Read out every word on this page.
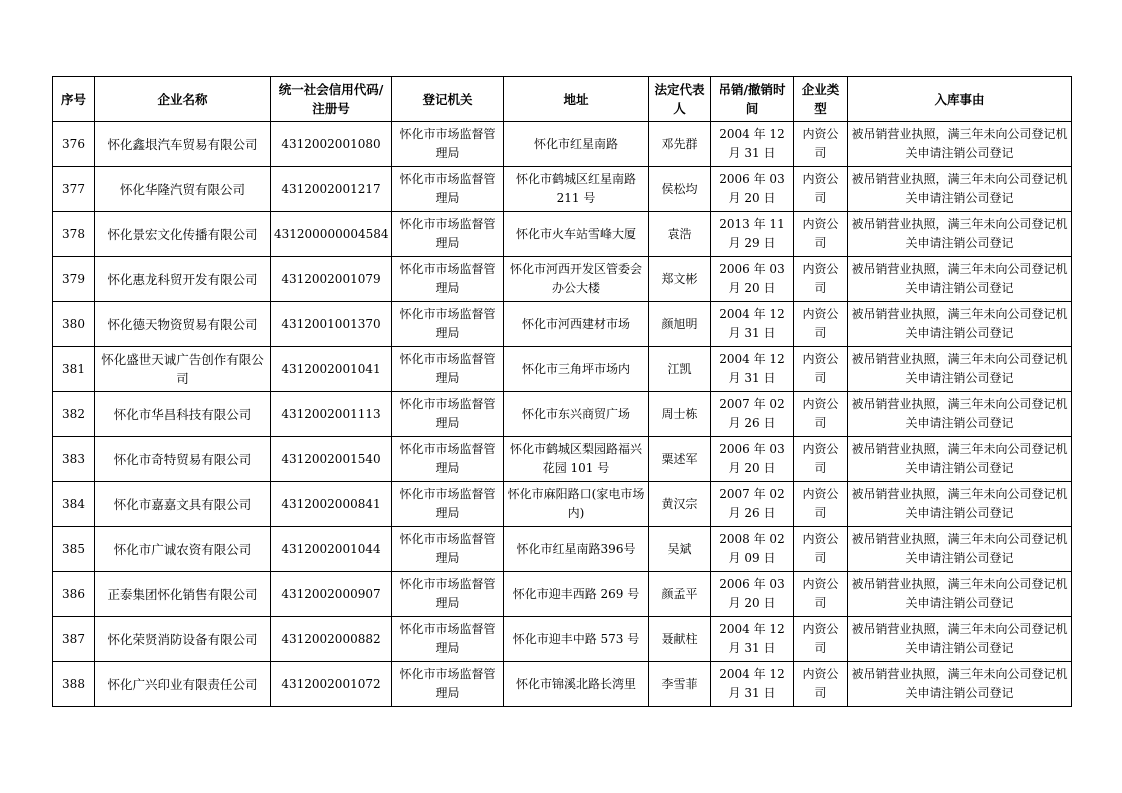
序号	企业名称	统一社会信用代码/注册号	登记机关	地址	法定代表人	吊销/撤销时间	企业类型	入库事由
376	怀化鑫垠汽车贸易有限公司	4312002001080	怀化市市场监督管理局	怀化市红星南路	邓先群	2004 年 12 月 31 日	内资公司	被吊销营业执照，满三年未向公司登记机关申请注销公司登记
377	怀化华隆汽贸有限公司	4312002001217	怀化市市场监督管理局	怀化市鹤城区红星南路 211 号	侯松均	2006 年 03 月 20 日	内资公司	被吊销营业执照，满三年未向公司登记机关申请注销公司登记
378	怀化景宏文化传播有限公司	431200000004584	怀化市市场监督管理局	怀化市火车站雪峰大厦	袁浩	2013 年 11 月 29 日	内资公司	被吊销营业执照，满三年未向公司登记机关申请注销公司登记
379	怀化惠龙科贸开发有限公司	4312002001079	怀化市市场监督管理局	怀化市河西开发区管委会办公大楼	郑文彬	2006 年 03 月 20 日	内资公司	被吊销营业执照，满三年未向公司登记机关申请注销公司登记
380	怀化德天物资贸易有限公司	4312001001370	怀化市市场监督管理局	怀化市河西建材市场	颜旭明	2004 年 12 月 31 日	内资公司	被吊销营业执照，满三年未向公司登记机关申请注销公司登记
381	怀化盛世天诚广告创作有限公司	4312002001041	怀化市市场监督管理局	怀化市三角坪市场内	江凯	2004 年 12 月 31 日	内资公司	被吊销营业执照，满三年未向公司登记机关申请注销公司登记
382	怀化市华昌科技有限公司	4312002001113	怀化市市场监督管理局	怀化市东兴商贸广场	周士栋	2007 年 02 月 26 日	内资公司	被吊销营业执照，满三年未向公司登记机关申请注销公司登记
383	怀化市奇特贸易有限公司	4312002001540	怀化市市场监督管理局	怀化市鹤城区梨园路福兴花园 101 号	粟述军	2006 年 03 月 20 日	内资公司	被吊销营业执照，满三年未向公司登记机关申请注销公司登记
384	怀化市嘉嘉文具有限公司	4312002000841	怀化市市场监督管理局	怀化市麻阳路口(家电市场内)	黄汉宗	2007 年 02 月 26 日	内资公司	被吊销营业执照，满三年未向公司登记机关申请注销公司登记
385	怀化市广诚农资有限公司	4312002001044	怀化市市场监督管理局	怀化市红星南路396号	吴斌	2008 年 02 月 09 日	内资公司	被吊销营业执照，满三年未向公司登记机关申请注销公司登记
386	正泰集团怀化销售有限公司	4312002000907	怀化市市场监督管理局	怀化市迎丰西路 269 号	颜孟平	2006 年 03 月 20 日	内资公司	被吊销营业执照，满三年未向公司登记机关申请注销公司登记
387	怀化荣贤消防设备有限公司	4312002000882	怀化市市场监督管理局	怀化市迎丰中路 573 号	聂献柱	2004 年 12 月 31 日	内资公司	被吊销营业执照，满三年未向公司登记机关申请注销公司登记
388	怀化广兴印业有限责任公司	4312002001072	怀化市市场监督管理局	怀化市锦溪北路长湾里	李雪菲	2004 年 12 月 31 日	内资公司	被吊销营业执照，满三年未向公司登记机关申请注销公司登记
